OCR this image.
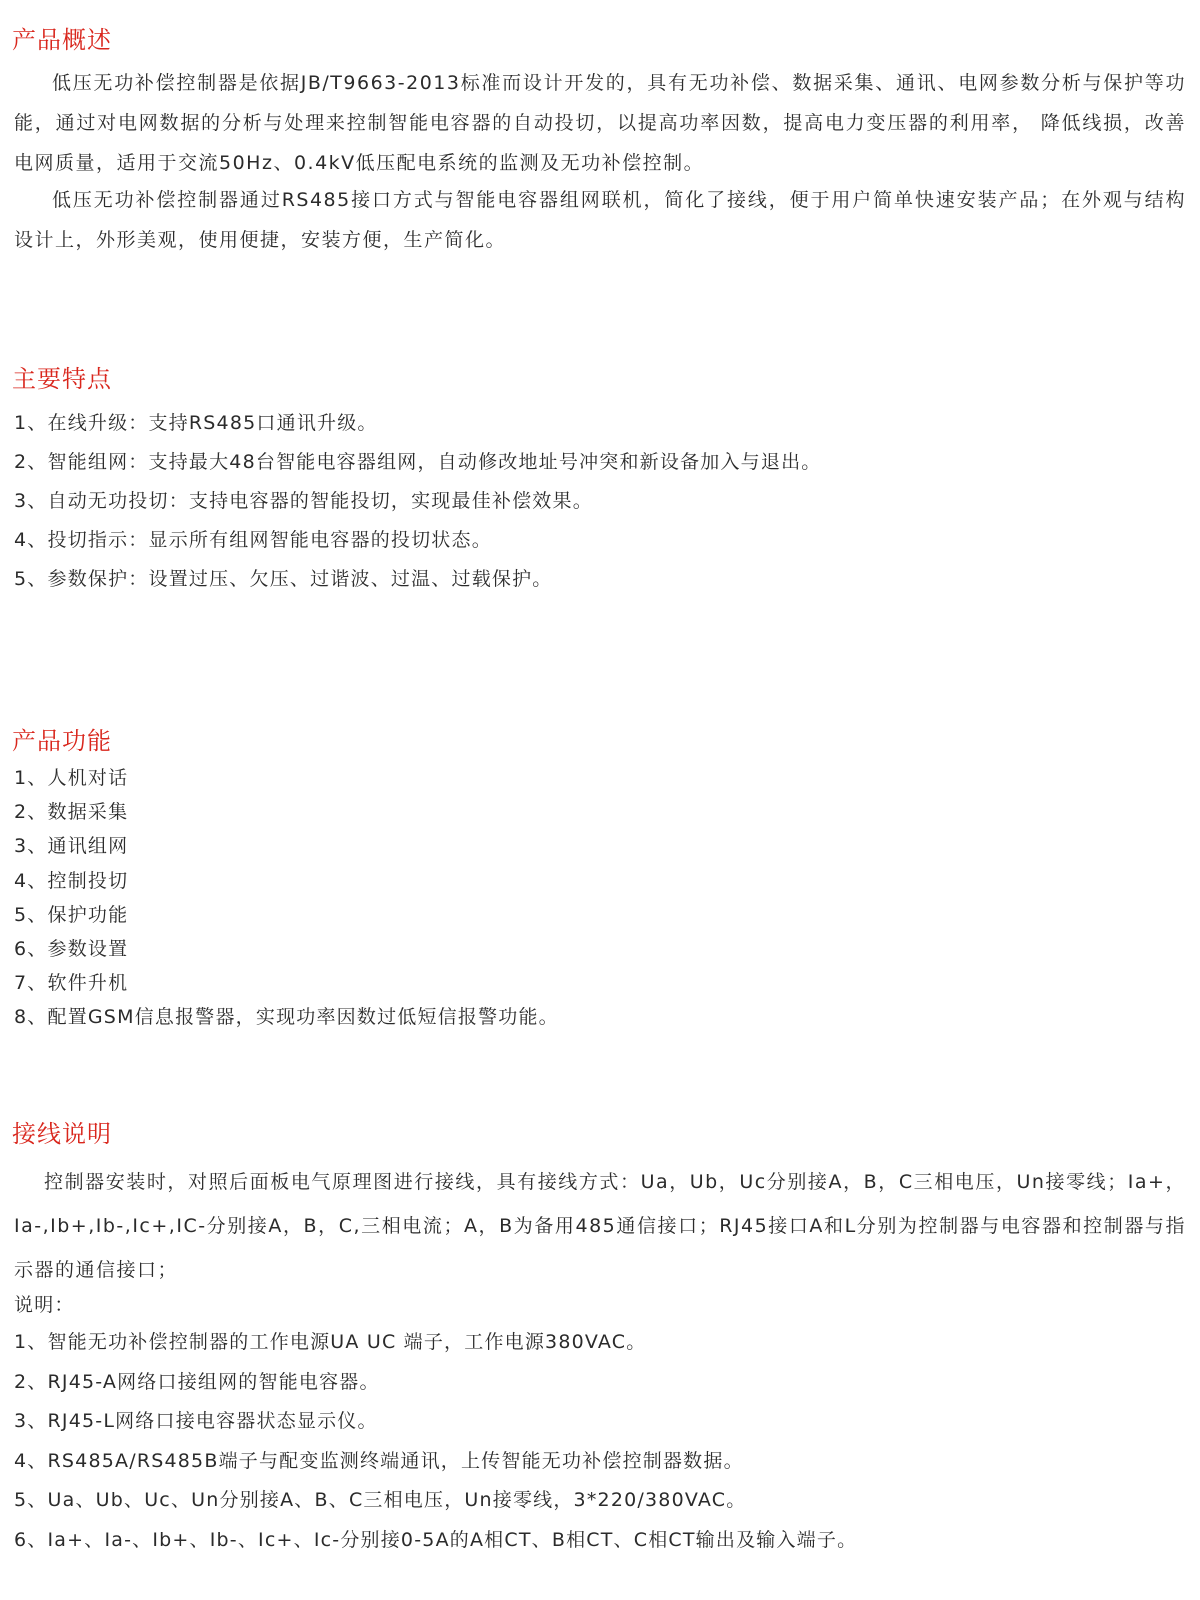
产品概述

低压无功补偿控制器是依据JB/T9663-2013标准而设计开发的，具有无功补偿、数据采集、通讯、电网参数分析与保护等功能，通过对电网数据的分析与处理来控制智能电容器的自动投切，以提高功率因数，提高电力变压器的利用率， 降低线损，改善电网质量，适用于交流50Hz、0.4kV低压配电系统的监测及无功补偿控制。

低压无功补偿控制器通过RS485接口方式与智能电容器组网联机，简化了接线，便于用户简单快速安装产品；在外观与结构设计上，外形美观，使用便捷，安装方便，生产简化。

主要特点
1、在线升级：支持RS485口通讯升级。
2、智能组网：支持最大48台智能电容器组网，自动修改地址号冲突和新设备加入与退出。
3、自动无功投切：支持电容器的智能投切，实现最佳补偿效果。
4、投切指示：显示所有组网智能电容器的投切状态。
5、参数保护：设置过压、欠压、过谐波、过温、过载保护。
产品功能
1、人机对话
2、数据采集
3、通讯组网
4、控制投切
5、保护功能
6、参数设置
7、软件升机
8、配置GSM信息报警器，实现功率因数过低短信报警功能。
接线说明

控制器安装时，对照后面板电气原理图进行接线，具有接线方式：Ua，Ub，Uc分别接A，B，C三相电压，Un接零线；Ia+，Ia-,Ib+,Ib-,Ic+,IC-分别接A，B，C,三相电流；A，B为备用485通信接口；RJ45接口A和L分别为控制器与电容器和控制器与指示器的通信接口；

说明：
1、智能无功补偿控制器的工作电源UA UC 端子，工作电源380VAC。
2、RJ45-A网络口接组网的智能电容器。
3、RJ45-L网络口接电容器状态显示仪。
4、RS485A/RS485B端子与配变监测终端通讯，上传智能无功补偿控制器数据。
5、Ua、Ub、Uc、Un分别接A、B、C三相电压，Un接零线，3*220/380VAC。
6、Ia+、Ia-、Ib+、Ib-、Ic+、Ic-分别接0-5A的A相CT、B相CT、C相CT输出及输入端子。
